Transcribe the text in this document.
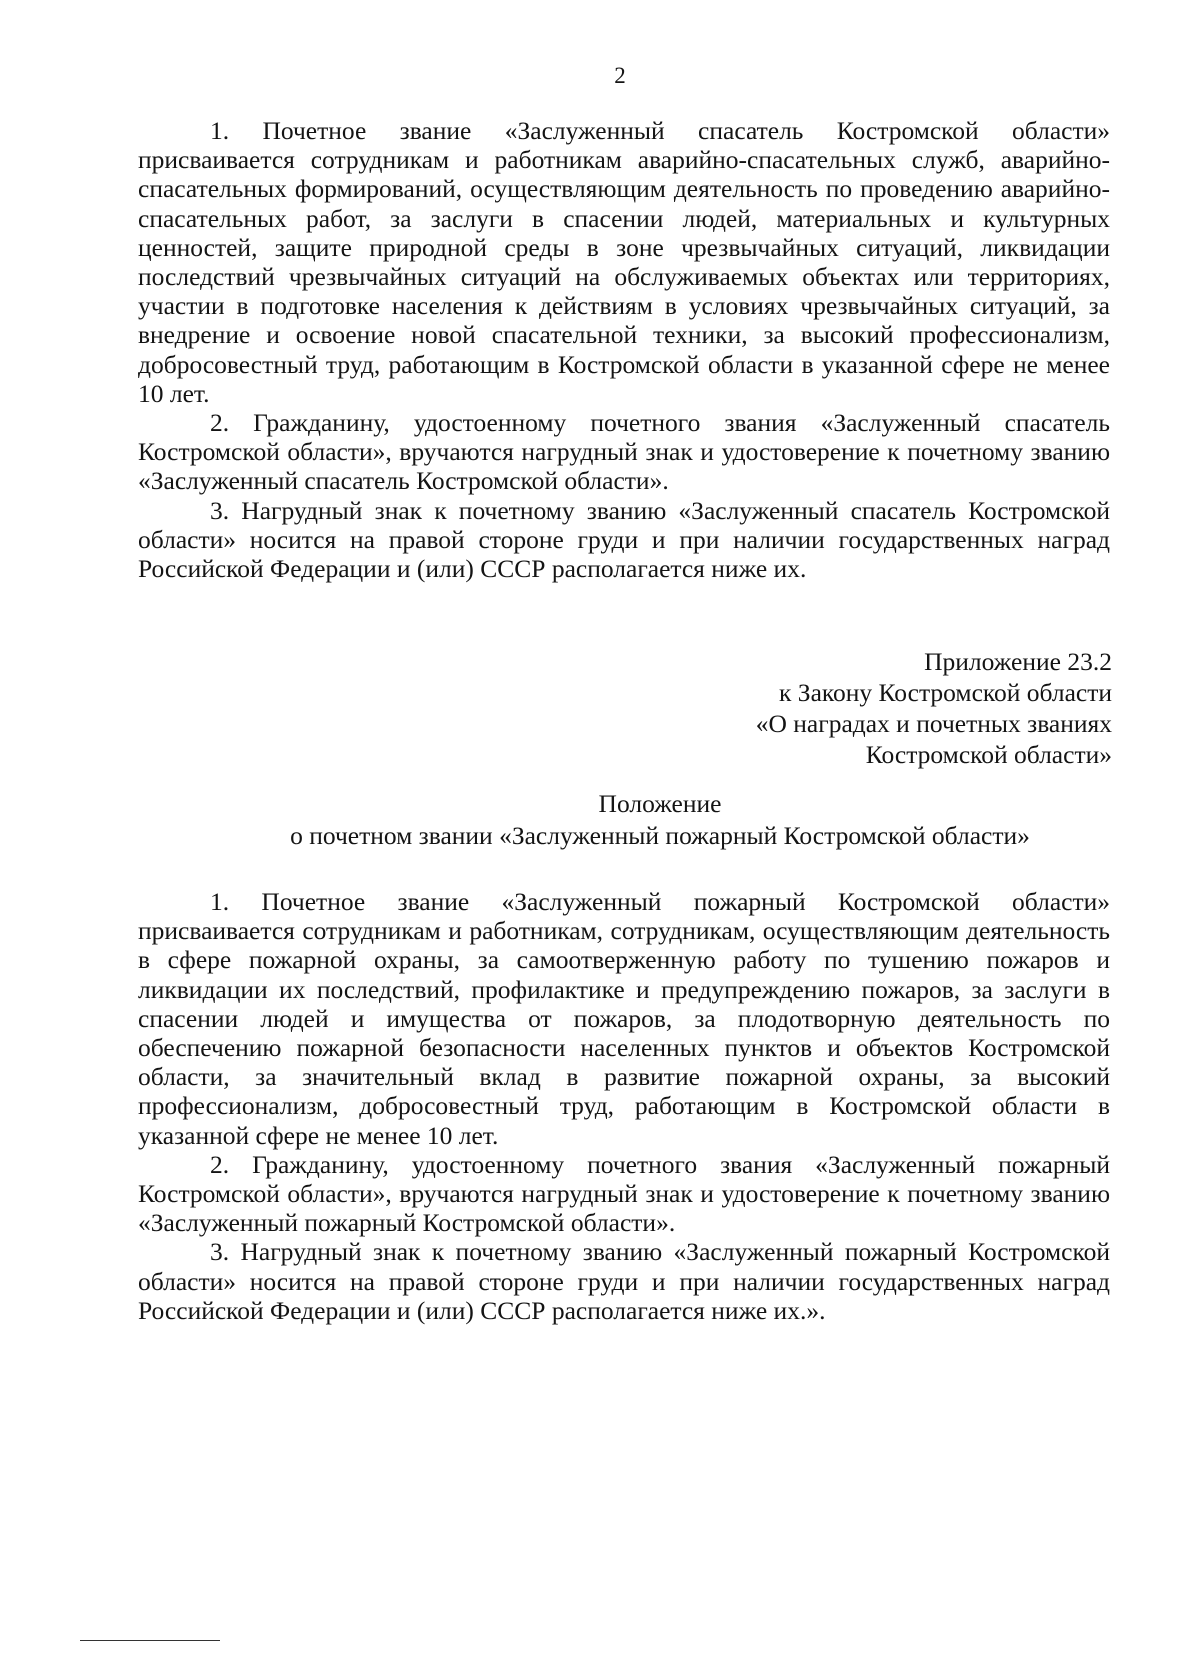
2

1. Почетное звание «Заслуженный спасатель Костромской области» присваивается сотрудникам и работникам аварийно-спасательных служб, аварийно-спасательных формирований, осуществляющим деятельность по проведению аварийно-спасательных работ, за заслуги в спасении людей, материальных и культурных ценностей, защите природной среды в зоне чрезвычайных ситуаций, ликвидации последствий чрезвычайных ситуаций на обслуживаемых объектах или территориях, участии в подготовке населения к действиям в условиях чрезвычайных ситуаций, за внедрение и освоение новой спасательной техники, за высокий профессионализм, добросовестный труд, работающим в Костромской области в указанной сфере не менее 10 лет.

2. Гражданину, удостоенному почетного звания «Заслуженный спасатель Костромской области», вручаются нагрудный знак и удостоверение к почетному званию «Заслуженный спасатель Костромской области».

3. Нагрудный знак к почетному званию «Заслуженный спасатель Костромской области» носится на правой стороне груди и при наличии государственных наград Российской Федерации и (или) СССР располагается ниже их.

Приложение 23.2
к Закону Костромской области
«О наградах и почетных званиях
Костромской области»
Положение
о почетном звании «Заслуженный пожарный Костромской области»

1. Почетное звание «Заслуженный пожарный Костромской области» присваивается сотрудникам и работникам, сотрудникам, осуществляющим деятельность в сфере пожарной охраны, за самоотверженную работу по тушению пожаров и ликвидации их последствий, профилактике и предупреждению пожаров, за заслуги в спасении людей и имущества от пожаров, за плодотворную деятельность по обеспечению пожарной безопасности населенных пунктов и объектов Костромской области, за значительный вклад в развитие пожарной охраны, за высокий профессионализм, добросовестный труд, работающим в Костромской области в указанной сфере не менее 10 лет.

2. Гражданину, удостоенному почетного звания «Заслуженный пожарный Костромской области», вручаются нагрудный знак и удостоверение к почетному званию «Заслуженный пожарный Костромской области».

3. Нагрудный знак к почетному званию «Заслуженный пожарный Костромской области» носится на правой стороне груди и при наличии государственных наград Российской Федерации и (или) СССР располагается ниже их.».
